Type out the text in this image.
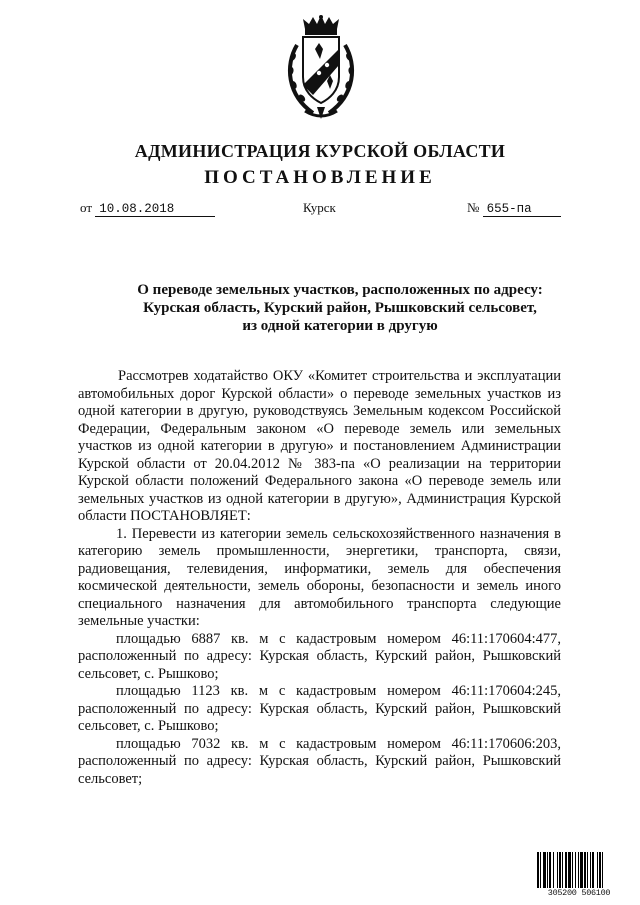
АДМИНИСТРАЦИЯ КУРСКОЙ ОБЛАСТИ
ПОСТАНОВЛЕНИЕ
от 10.08.2018	Курск	№ 655-па
О переводе земельных участков, расположенных по адресу:
Курская область, Курский район, Рышковский сельсовет,
из одной категории в другую

Рассмотрев ходатайство ОКУ «Комитет строительства и эксплуатации автомобильных дорог Курской области» о переводе земельных участков из одной категории в другую, руководствуясь Земельным кодексом Российской Федерации, Федеральным законом «О переводе земель или земельных участков из одной категории в другую» и постановлением Администрации Курской области от 20.04.2012 № 383-па «О реализации на территории Курской области положений Федерального закона «О переводе земель или земельных участков из одной категории в другую», Администрация Курской области ПОСТАНОВЛЯЕТ:

1. Перевести из категории земель сельскохозяйственного назначения в категорию земель промышленности, энергетики, транспорта, связи, радиовещания, телевидения, информатики, земель для обеспечения космической деятельности, земель обороны, безопасности и земель иного специального назначения для автомобильного транспорта следующие земельные участки:

площадью 6887 кв. м с кадастровым номером 46:11:170604:477, расположенный по адресу: Курская область, Курский район, Рышковский сельсовет, с. Рышково;

площадью 1123 кв. м с кадастровым номером 46:11:170604:245, расположенный по адресу: Курская область, Курский район, Рышковский сельсовет, с. Рышково;

площадью 7032 кв. м с кадастровым номером 46:11:170606:203, расположенный по адресу: Курская область, Курский район, Рышковский сельсовет;

305200 506100
